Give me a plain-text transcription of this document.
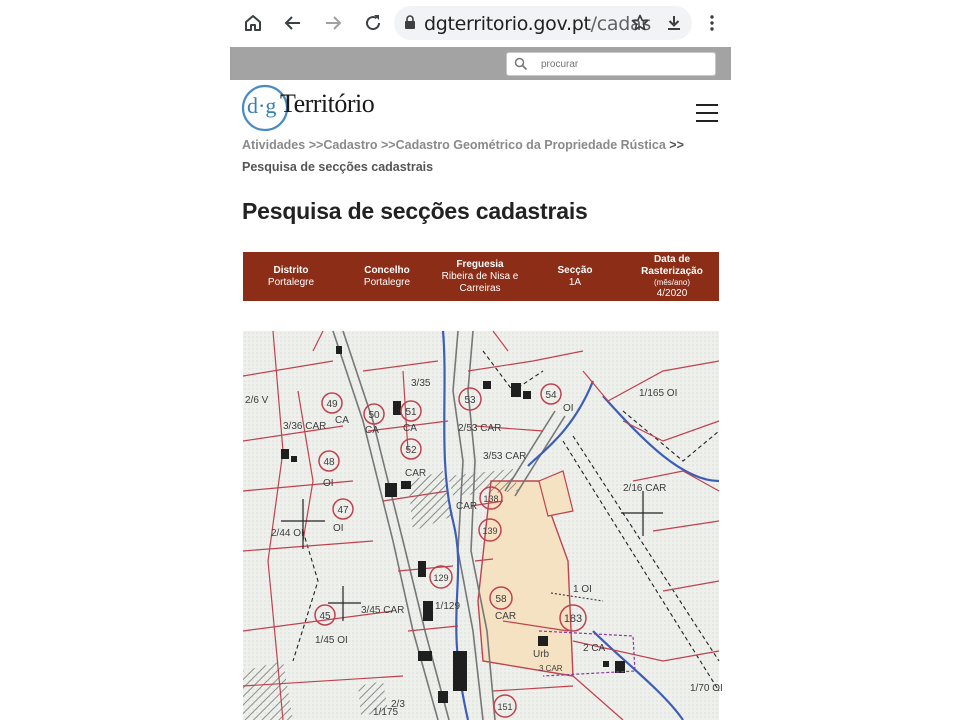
dgterritorio.gov.pt/cadas
procurar
d·g Território
Atividades >>Cadastro >>Cadastro Geométrico da Propriedade Rústica >> Pesquisa de secções cadastrais
Pesquisa de secções cadastrais
Distrito
Portalegre
Concelho
Portalegre
Freguesia
Ribeira de Nisa e Carreiras
Secção
1A
Data de Rasterização
(mês/ano)
4/2020
49
50	51
53	54
52
48
47
138
139
129
58
183
45
151
2/6 V
3/35
3/36 CAR
CA
CA CA
OI
OI
OI
CAR
CAR
CAR
2/53 CAR
3/53 CAR
1/165 OI
2/16 CAR
2/44 OI
1 OI
2 CA
Urb
3 CAR
1/45 OI
1/129
1/70 OI
3/45 CAR
1/175
2/3
